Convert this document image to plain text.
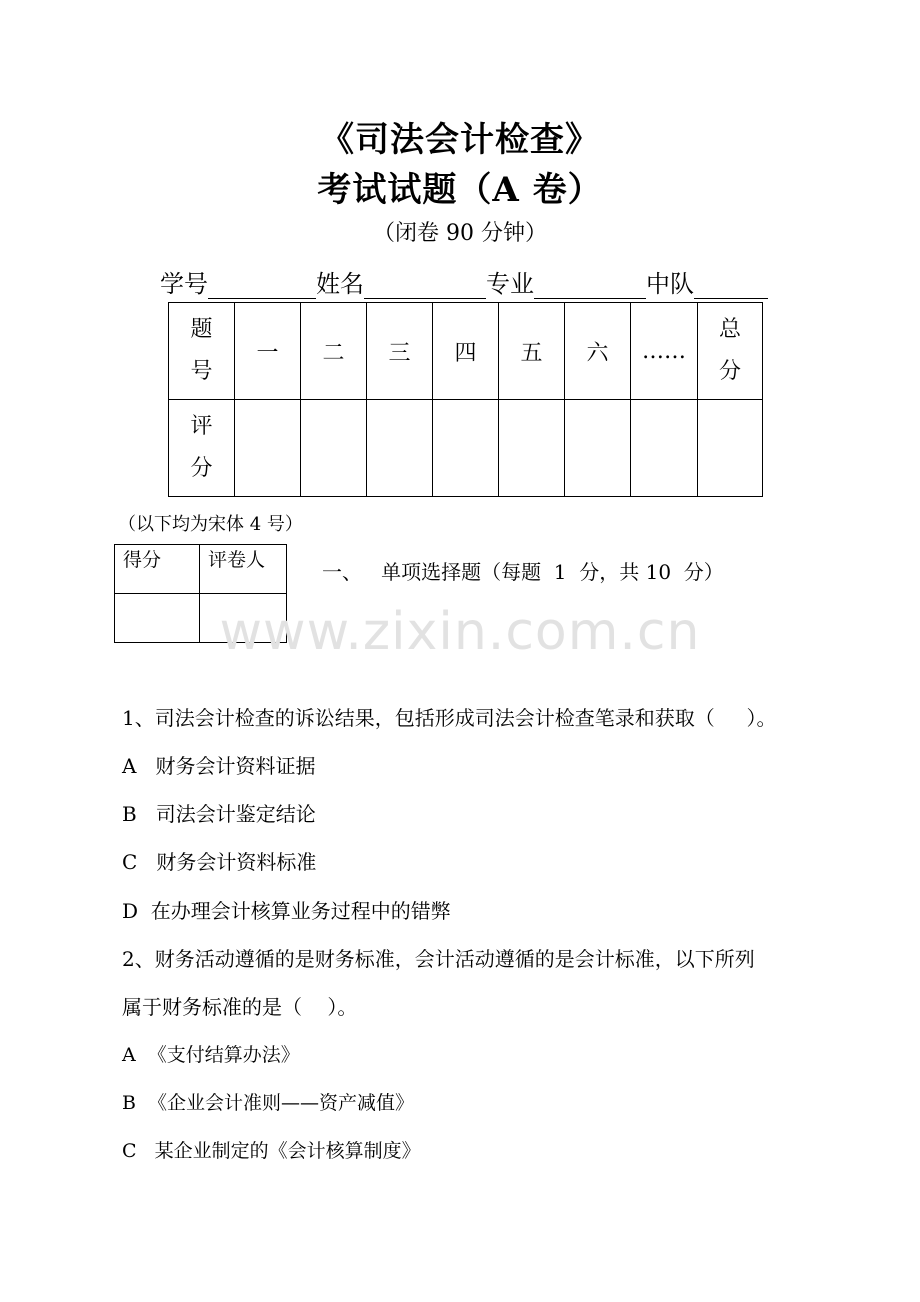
《司法会计检查》
考试试题（A 卷）
（闭卷 90 分钟）
学号	姓名	专业	中队
题号	一	二	三	四	五	六	……	总分
评分								
（以下均为宋体 4 号）
得分	评卷人
		一、 单项选择题（每题  1  分，共 10  分）
www.zixin.com.cn
1、司法会计检查的诉讼结果，包括形成司法会计检查笔录和获取（     ）。
A   财务会计资料证据
B   司法会计鉴定结论
C   财务会计资料标准
D  在办理会计核算业务过程中的错弊
2、财务活动遵循的是财务标准，会计活动遵循的是会计标准，以下所列
属于财务标准的是（    ）。
A  《支付结算办法》
B  《企业会计准则——资产减值》
C   某企业制定的《会计核算制度》
